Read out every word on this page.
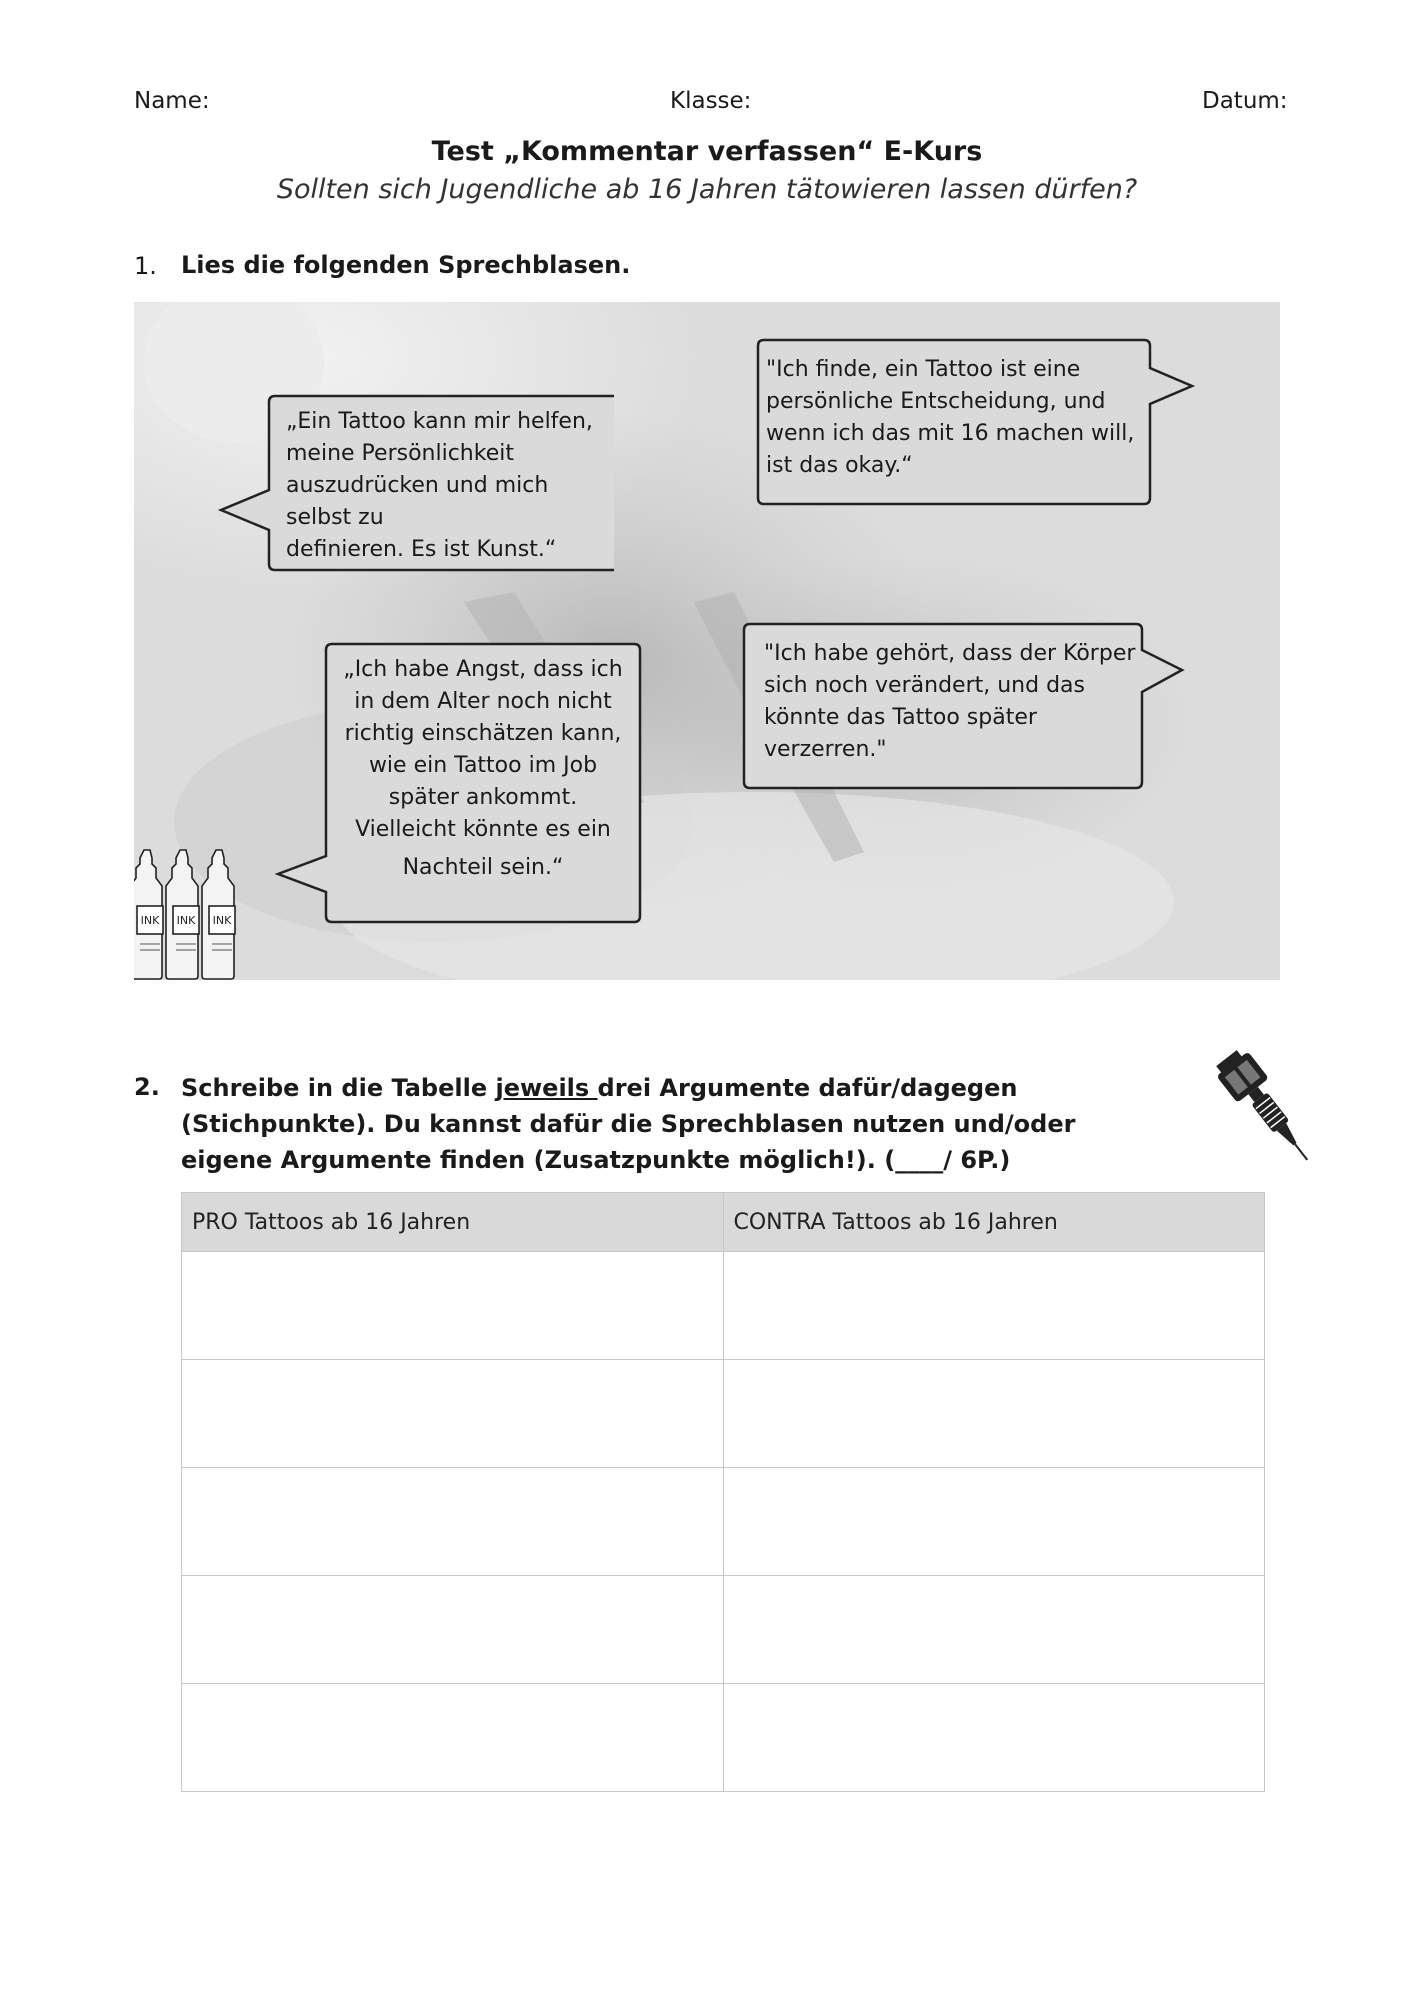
Name:	Klasse:	Datum:
Test „Kommentar verfassen“ E-Kurs
Sollten sich Jugendliche ab 16 Jahren tätowieren lassen dürfen?
1. Lies die folgenden Sprechblasen.
„Ein Tattoo kann mir helfen,
meine Persönlichkeit
auszudrücken und mich selbst zu
definieren. Es ist Kunst.“
"Ich finde, ein Tattoo ist eine
persönliche Entscheidung, und
wenn ich das mit 16 machen will,
ist das okay.“
„Ich habe Angst, dass ich
in dem Alter noch nicht
richtig einschätzen kann,
wie ein Tattoo im Job
später ankommt.
Vielleicht könnte es ein
Nachteil sein.“
"Ich habe gehört, dass der Körper
sich noch verändert, und das
könnte das Tattoo später
verzerren."
INK INK INK
2. Schreibe in die Tabelle jeweils drei Argumente dafür/dagegen (Stichpunkte). Du kannst dafür die Sprechblasen nutzen und/oder eigene Argumente finden (Zusatzpunkte möglich!). (____/ 6P.)
PRO Tattoos ab 16 Jahren	CONTRA Tattoos ab 16 Jahren
